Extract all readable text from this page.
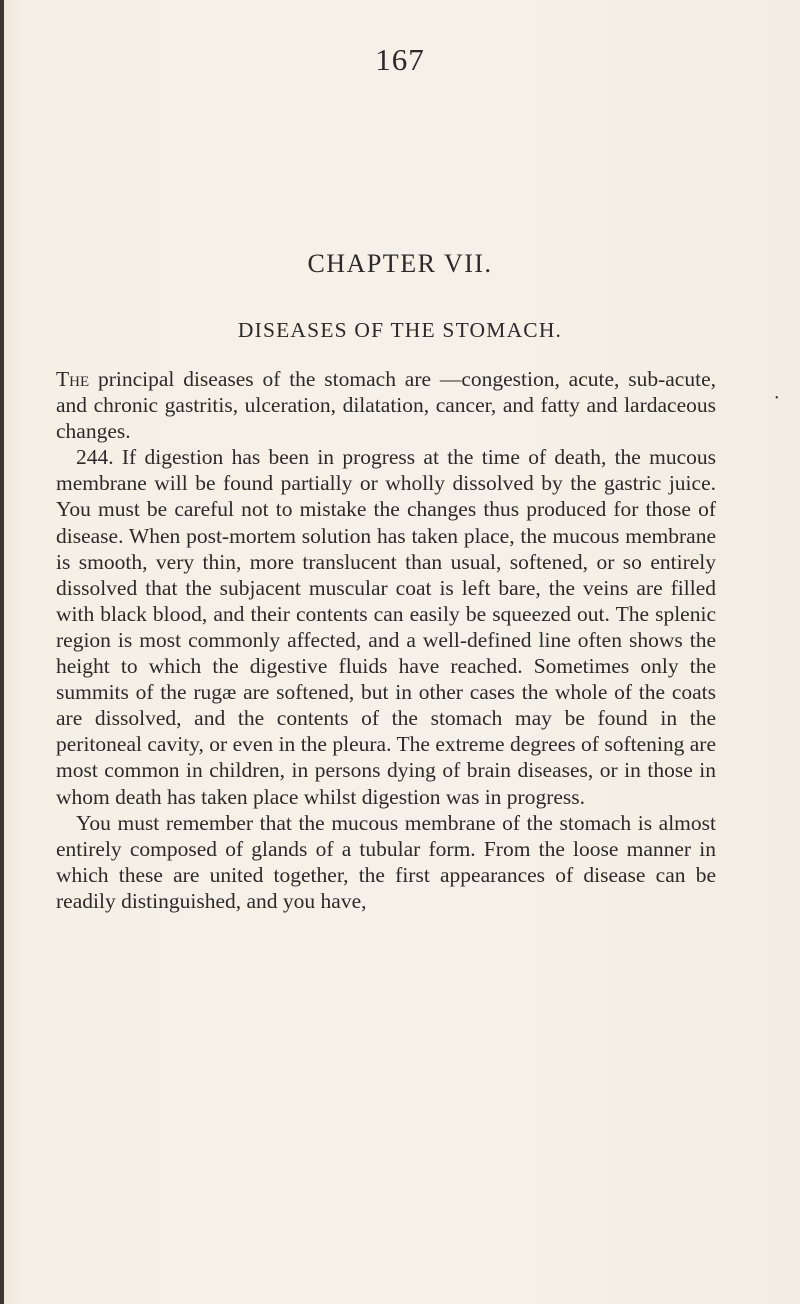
167
CHAPTER VII.
DISEASES OF THE STOMACH.
•

The principal diseases of the stomach are —congestion, acute, sub-acute, and chronic gastritis, ulceration, dilatation, cancer, and fatty and lardaceous changes.

244. If digestion has been in progress at the time of death, the mucous membrane will be found partially or wholly dissolved by the gastric juice. You must be careful not to mistake the changes thus produced for those of disease. When post-mortem solution has taken place, the mucous membrane is smooth, very thin, more translucent than usual, softened, or so entirely dissolved that the subjacent muscular coat is left bare, the veins are filled with black blood, and their contents can easily be squeezed out. The splenic region is most commonly affected, and a well-defined line often shows the height to which the digestive fluids have reached. Sometimes only the summits of the rugæ are softened, but in other cases the whole of the coats are dissolved, and the contents of the stomach may be found in the peritoneal cavity, or even in the pleura. The extreme degrees of softening are most common in children, in persons dying of brain diseases, or in those in whom death has taken place whilst digestion was in progress.

You must remember that the mucous membrane of the stomach is almost entirely composed of glands of a tubular form. From the loose manner in which these are united together, the first appearances of disease can be readily distinguished, and you have,
